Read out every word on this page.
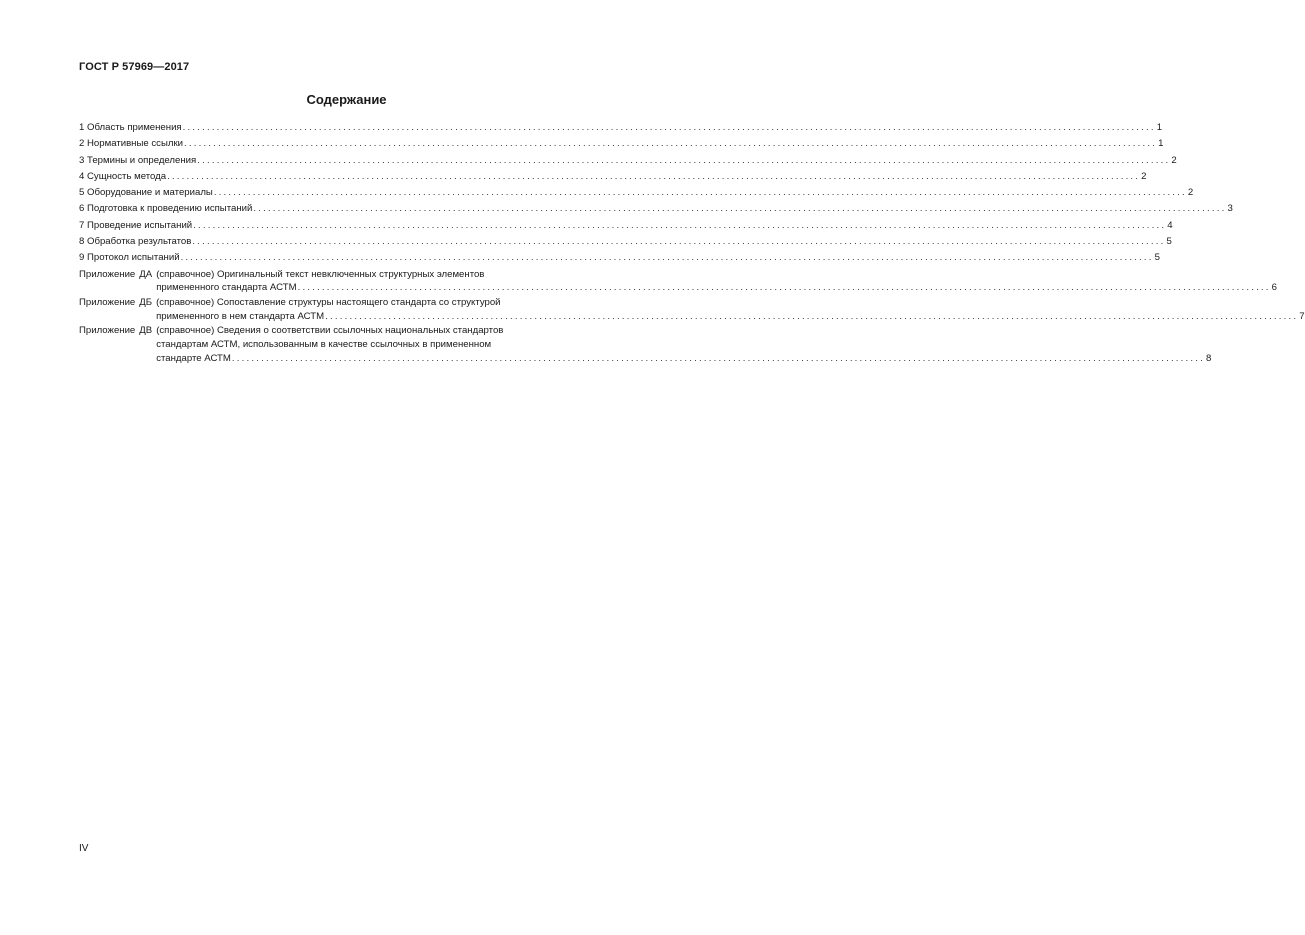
ГОСТ Р 57969—2017
Содержание
1 Область применения ........................................................................................................................................................................................................ 1
2 Нормативные ссылки ........................................................................................................................................................................................................ 1
3 Термины и определения ........................................................................................................................................................................................................ 2
4 Сущность метода ........................................................................................................................................................................................................ 2
5 Оборудование и материалы ........................................................................................................................................................................................................ 2
6 Подготовка к проведению испытаний ........................................................................................................................................................................................................ 3
7 Проведение испытаний ........................................................................................................................................................................................................ 4
8 Обработка результатов ........................................................................................................................................................................................................ 5
9 Протокол испытаний ........................................................................................................................................................................................................ 5
Приложение ДА (справочное) Оригинальный текст невключенных структурных элементов
примененного стандарта АСТМ ........................................................................................................................................................................................................ 6
Приложение ДБ (справочное) Сопоставление структуры настоящего стандарта со структурой
примененного в нем стандарта АСТМ ........................................................................................................................................................................................................ 7
Приложение ДВ (справочное) Сведения о соответствии ссылочных национальных стандартов
стандартам АСТМ, использованным в качестве ссылочных в примененном
стандарте АСТМ ........................................................................................................................................................................................................ 8
IV
